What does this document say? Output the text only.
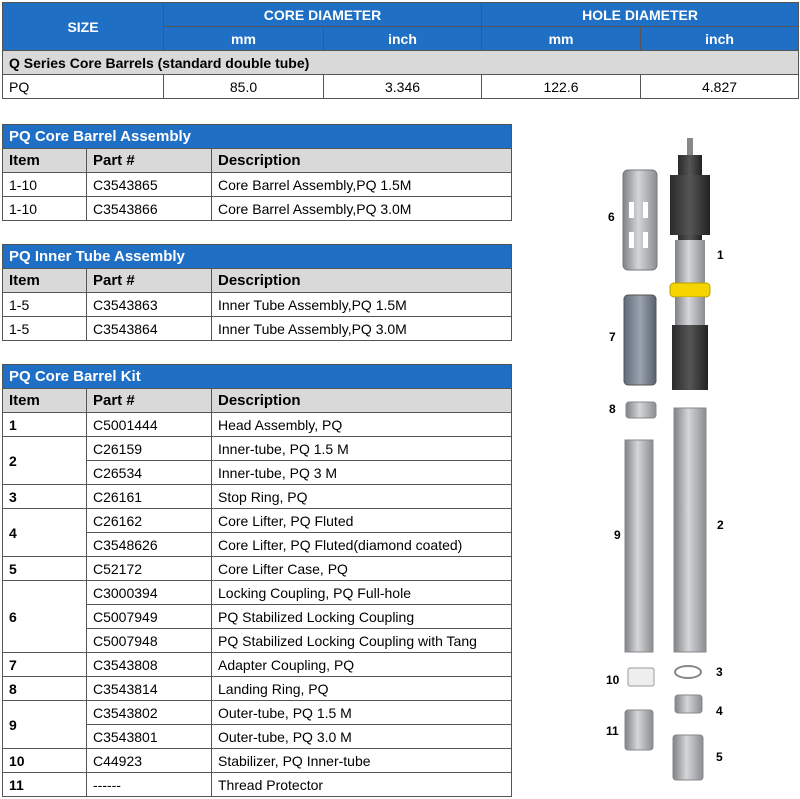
SIZE	CORE DIAMETER		HOLE DIAMETER	
	mm	inch	mm	inch
Q Series Core Barrels (standard double tube)				
PQ	85.0	3.346	122.6	4.827
PQ Core Barrel Assembly		
Item	Part #	Description
1-10	C3543865	Core Barrel Assembly,PQ 1.5M
1-10	C3543866	Core Barrel Assembly,PQ 3.0M
PQ Inner Tube Assembly		
Item	Part #	Description
1-5	C3543863	Inner Tube Assembly,PQ 1.5M
1-5	C3543864	Inner Tube Assembly,PQ 3.0M
PQ Core Barrel Kit		
Item	Part #	Description
1	C5001444	Head Assembly, PQ
2	C26159	Inner-tube, PQ 1.5 M
	C26534	Inner-tube, PQ 3 M
3	C26161	Stop Ring, PQ
4	C26162	Core Lifter, PQ Fluted
	C3548626	Core Lifter, PQ Fluted(diamond coated)
5	C52172	Core Lifter Case, PQ
6	C3000394	Locking Coupling, PQ Full-hole
	C5007949	PQ Stabilized Locking Coupling
	C5007948	PQ Stabilized Locking Coupling with Tang
7	C3543808	Adapter Coupling, PQ
8	C3543814	Landing Ring, PQ
9	C3543802	Outer-tube, PQ 1.5 M
	C3543801	Outer-tube, PQ 3.0 M
10	C44923	Stabilizer, PQ Inner-tube
11	------	Thread Protector
6
1
7
8
9
2
10
3
4
11
5
